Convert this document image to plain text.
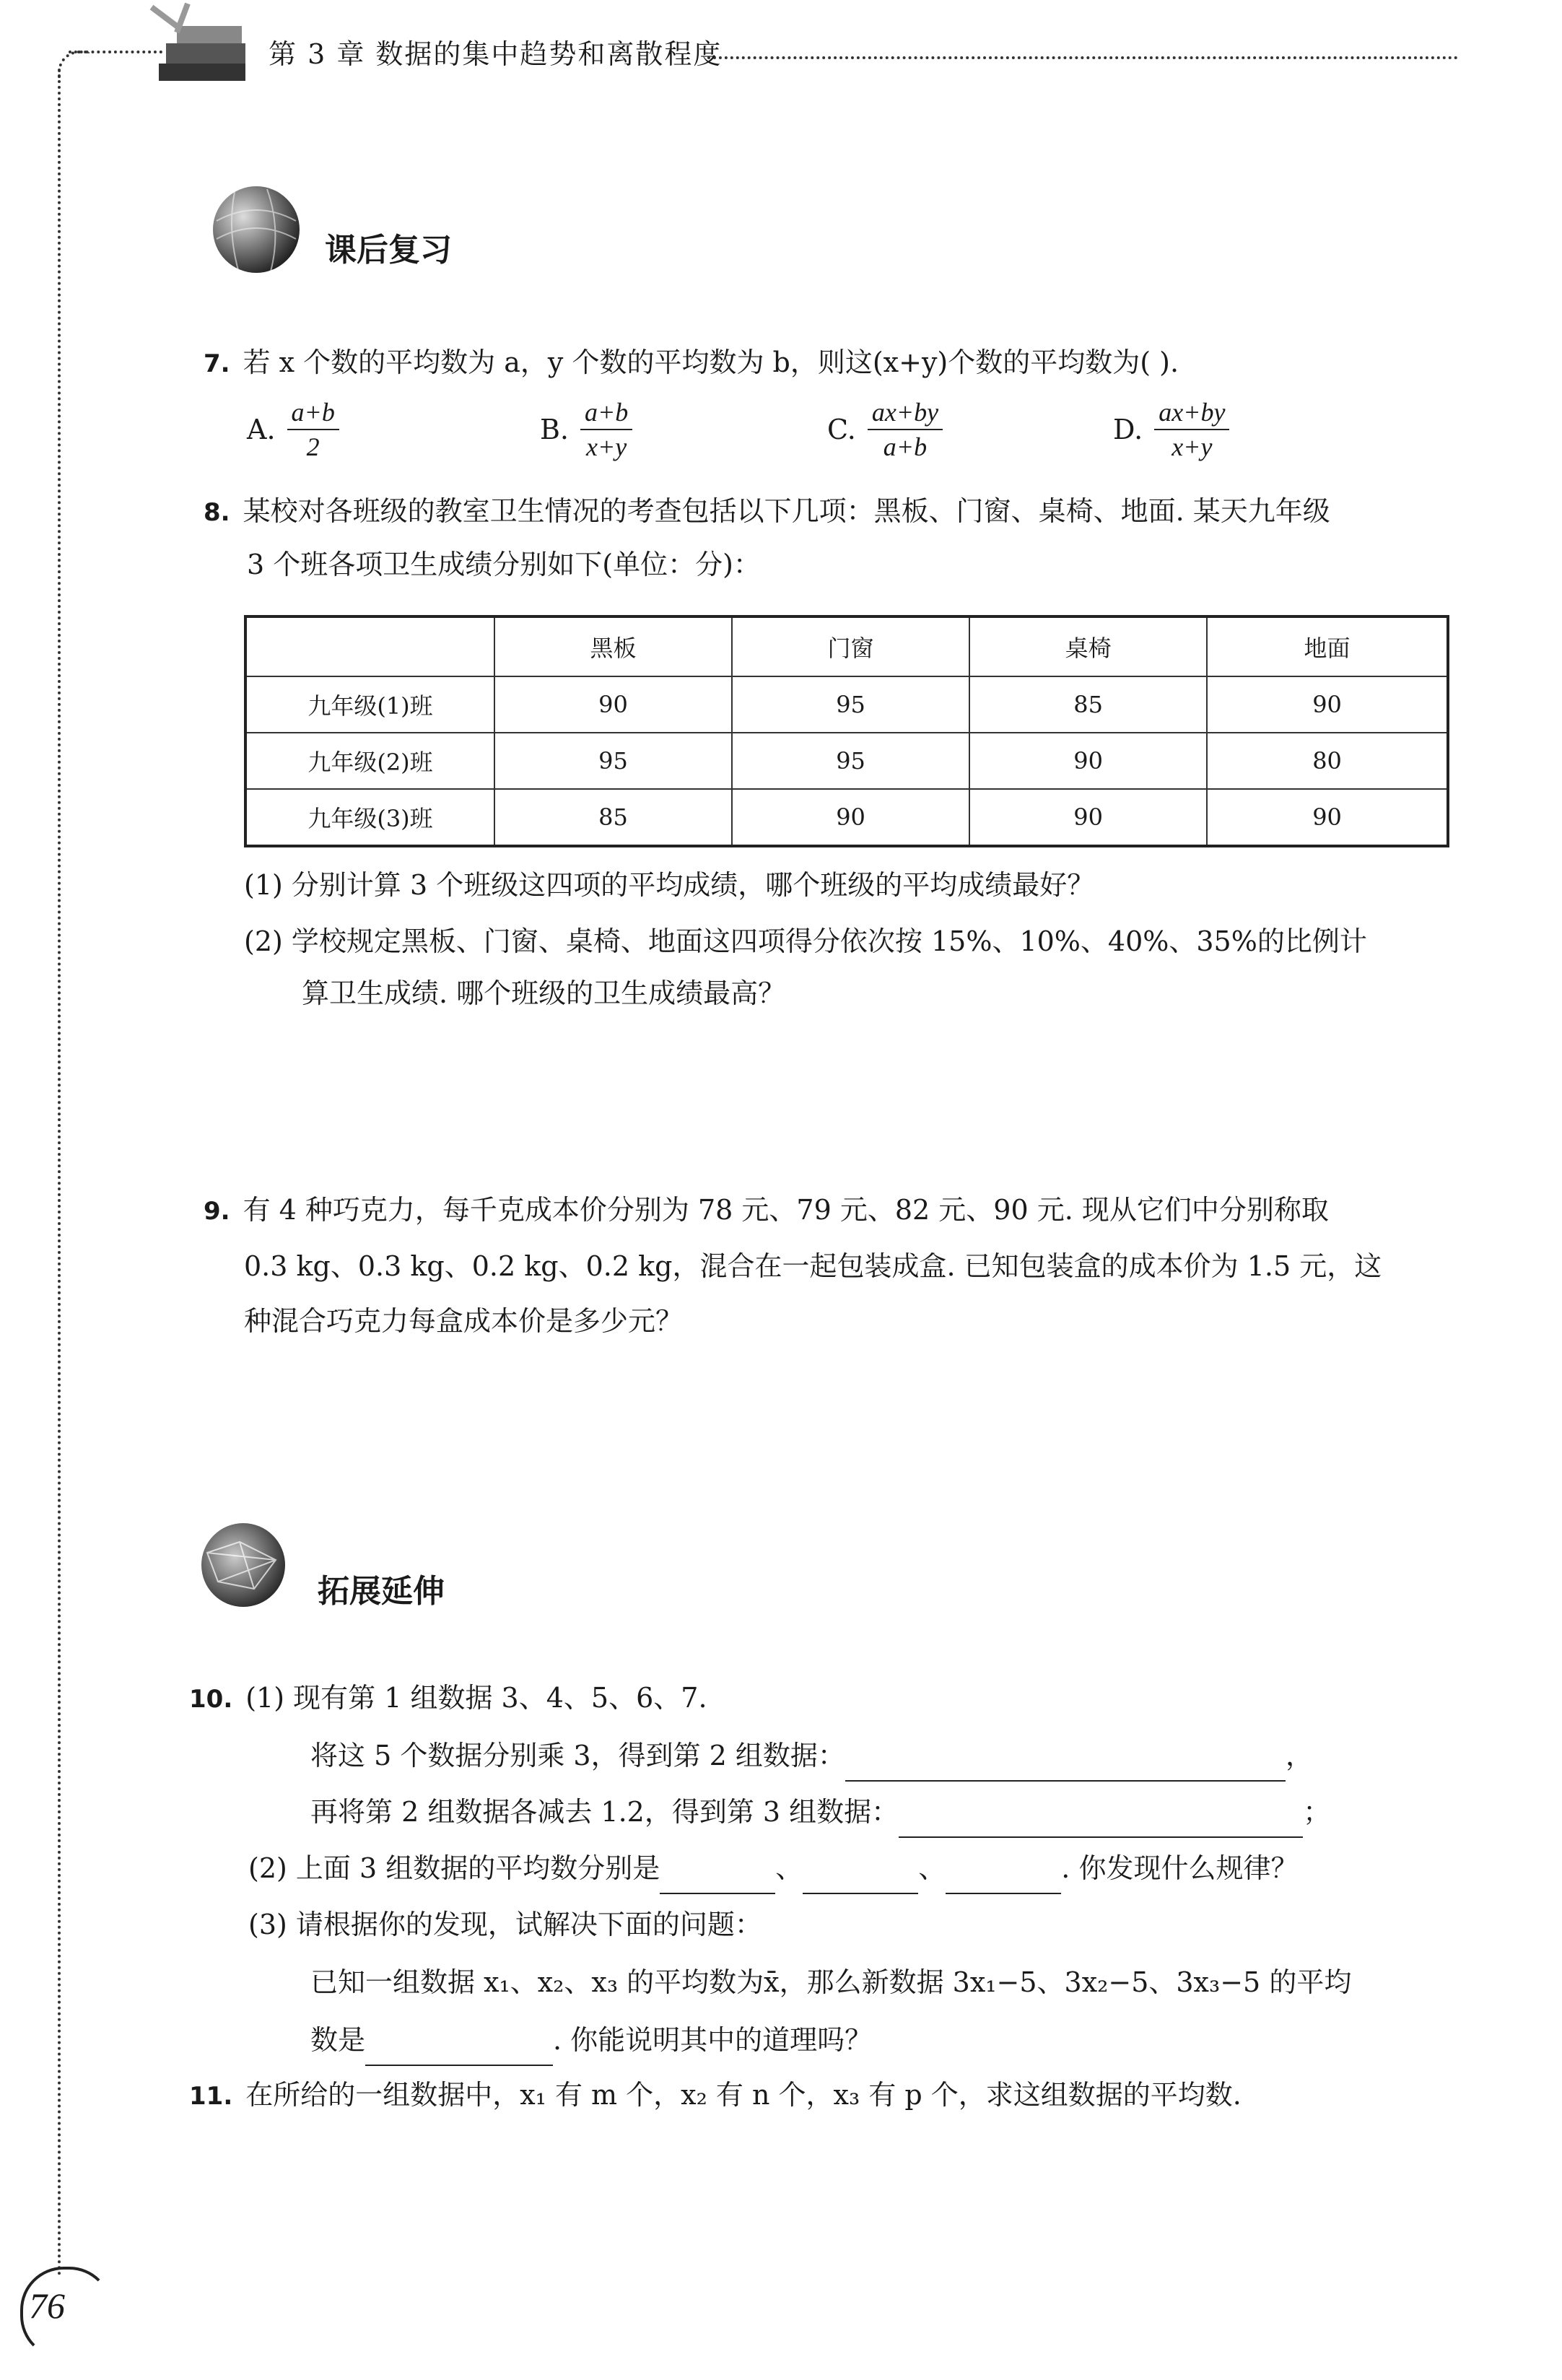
第 3 章 数据的集中趋势和离散程度
课后复习
7. 若 x 个数的平均数为 a，y 个数的平均数为 b，则这(x+y)个数的平均数为( ).
A. $\frac{a+b}{2}$	B. $\frac{a+b}{x+y}$	C. $\frac{ax+by}{a+b}$	D. $\frac{ax+by}{x+y}$
8. 某校对各班级的教室卫生情况的考查包括以下几项：黑板、门窗、桌椅、地面. 某天九年级
3 个班各项卫生成绩分别如下(单位：分)：
	黑板	门窗	桌椅	地面
九年级(1)班	90	95	85	90
九年级(2)班	95	95	90	80
九年级(3)班	85	90	90	90
(1) 分别计算 3 个班级这四项的平均成绩，哪个班级的平均成绩最好？
(2) 学校规定黑板、门窗、桌椅、地面这四项得分依次按 15%、10%、40%、35%的比例计
算卫生成绩. 哪个班级的卫生成绩最高？
9. 有 4 种巧克力，每千克成本价分别为 78 元、79 元、82 元、90 元. 现从它们中分别称取
0.3 kg、0.3 kg、0.2 kg、0.2 kg，混合在一起包装成盒. 已知包装盒的成本价为 1.5 元，这
种混合巧克力每盒成本价是多少元？
拓展延伸
10. (1) 现有第 1 组数据 3、4、5、6、7.
将这 5 个数据分别乘 3，得到第 2 组数据：	，
再将第 2 组数据各减去 1.2，得到第 3 组数据：	；
(2) 上面 3 组数据的平均数分别是	、	、	. 你发现什么规律？
(3) 请根据你的发现，试解决下面的问题：
已知一组数据 x₁、x₂、x₃ 的平均数为x̄，那么新数据 3x₁−5、3x₂−5、3x₃−5 的平均
数是	. 你能说明其中的道理吗？
11. 在所给的一组数据中，x₁ 有 m 个，x₂ 有 n 个，x₃ 有 p 个，求这组数据的平均数.
76
